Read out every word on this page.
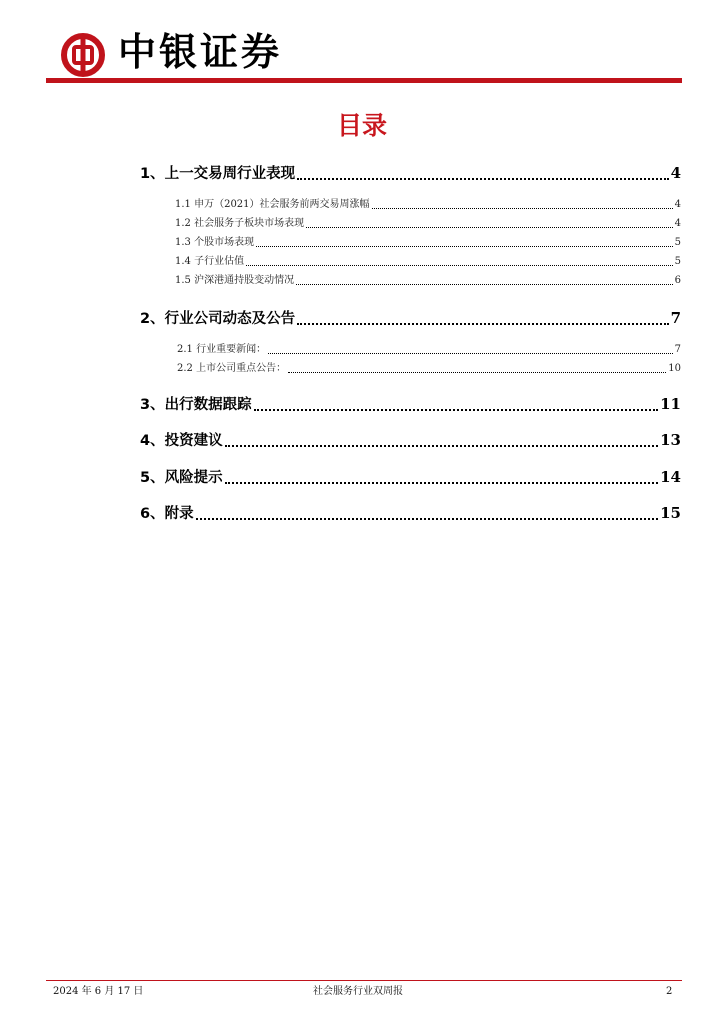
中银证券
目录
1、上一交易周行业表现	4
1.1 申万（2021）社会服务前两交易周涨幅	4
1.2 社会服务子板块市场表现	4
1.3 个股市场表现	5
1.4 子行业估值	5
1.5 沪深港通持股变动情况	6
2、行业公司动态及公告	7
2.1 行业重要新闻：	7
2.2 上市公司重点公告：	10
3、出行数据跟踪	11
4、投资建议	13
5、风险提示	14
6、附录	15
2024 年 6 月 17 日	社会服务行业双周报	2
